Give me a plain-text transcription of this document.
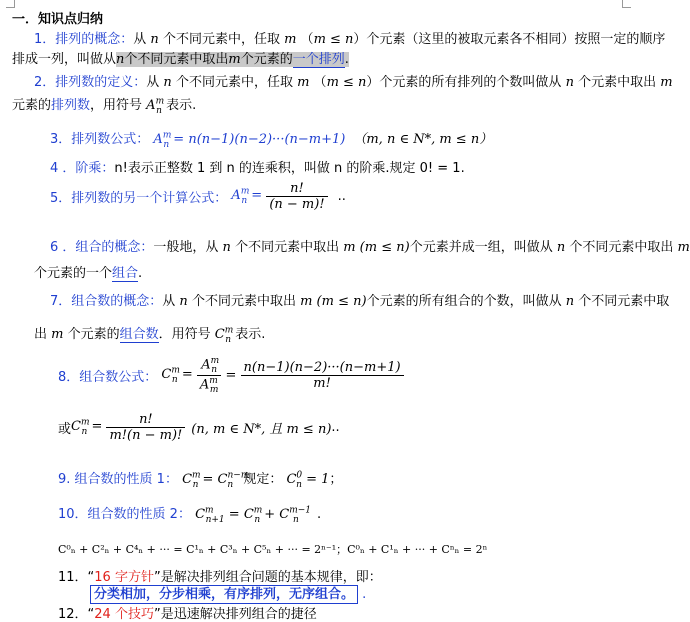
一．知识点归纳
1．排列的概念：从 n 个不同元素中，任取 m （m ≤ n）个元素（这里的被取元素各不相同）按照一定的顺序
排成一列，叫做从n个不同元素中取出m个元素的一个排列.
2．排列数的定义：从 n 个不同元素中，任取 m （m ≤ n）个元素的所有排列的个数叫做从 n 个元素中取出 m
元素的排列数，用符号 $A^m_n$ 表示.
3．排列数公式： $A^m_n = n(n-1)(n-2)\cdot\cdot\cdot(n-m+1)$ （m, n ∈ N*, m ≤ n）
4 ．阶乘：n!表示正整数 1 到 n 的连乘积，叫做 n 的阶乘.规定 0! = 1.
5．排列数的另一个计算公式： $A^m_n = \frac{n!}{(n - m)!}$ ..
6 ．组合的概念：一般地，从 n 个不同元素中取出 m (m ≤ n)个元素并成一组，叫做从 n 个不同元素中取出 m
个元素的一个组合.
7．组合数的概念：从 n 个不同元素中取出 m (m ≤ n)个元素的所有组合的个数，叫做从 n 个不同元素中取
出 m 个元素的组合数．用符号 $C^m_n$ 表示.
8．组合数公式： $C^m_n = \frac{A^m_n}{A^m_m} = \frac{n(n-1)(n-2)\cdot\cdot\cdot(n-m+1)}{m!}$
或$C^m_n = \frac{n!}{m!(n - m)!} (n$, m ∈ N*, 且 m ≤ n)..
9. 组合数的性质 1： $C^m_n = C^{n-m}_n$ 规定： $C^0_n = 1$；
10．组合数的性质 2： $C^m_{n+1} = C^m_n + C^{m-1}_n$ .
C⁰ₙ + C²ₙ + C⁴ₙ + ··· = C¹ₙ + C³ₙ + C⁵ₙ + ··· = 2ⁿ⁻¹；C⁰ₙ + C¹ₙ + ··· + Cⁿₙ = 2ⁿ
11．“16 字方针”是解决排列组合问题的基本规律，即：
分类相加，分步相乘，有序排列，无序组合。 .
12．“24 个技巧”是迅速解决排列组合的捷径
